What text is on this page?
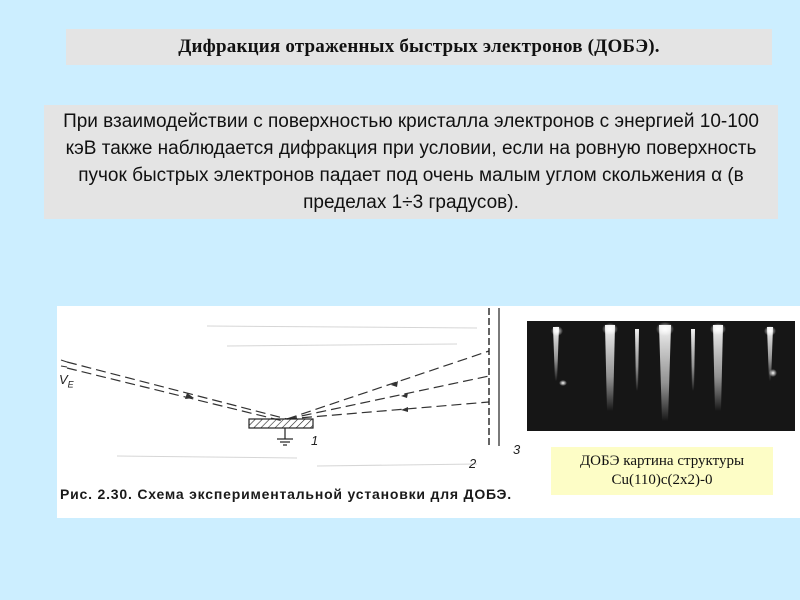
Дифракция отраженных быстрых электронов (ДОБЭ).

При взаимодействии с поверхностью кристалла электронов с энергией 10-100 кэВ также наблюдается дифракция при условии, если на ровную поверхность пучок быстрых электронов падает под очень малым углом скольжения α (в пределах 1÷3 градусов).

$V_E$
1
2
3
Рис. 2.30. Схема экспериментальной установки для ДОБЭ.
ДОБЭ картина структуры
Cu(110)c(2x2)-0
